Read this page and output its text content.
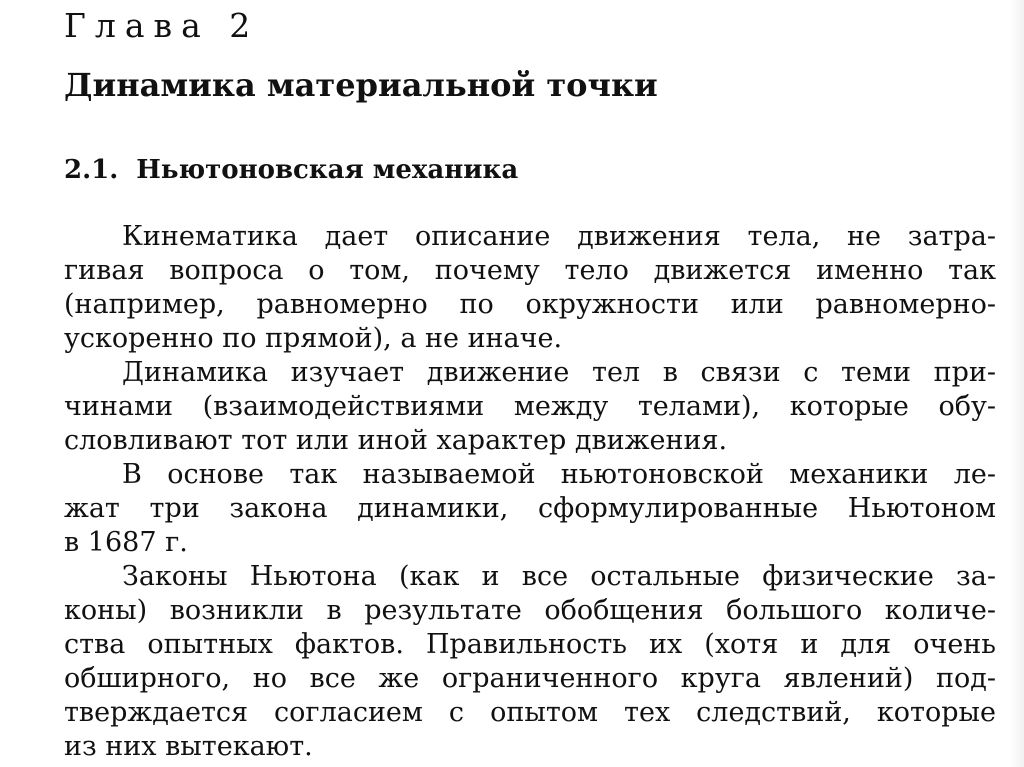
Глава 2
Динамика материальной точки
2.1. Ньютоновская механика
Кинематика дает описание движения тела, не затра-
гивая вопроса о том, почему тело движется именно так
(например, равномерно по окружности или равномерно-
ускоренно по прямой), а не иначе.
Динамика изучает движение тел в связи с теми при-
чинами (взаимодействиями между телами), которые обу-
словливают тот или иной характер движения.
В основе так называемой ньютоновской механики ле-
жат три закона динамики, сформулированные Ньютоном
в 1687 г.
Законы Ньютона (как и все остальные физические за-
коны) возникли в результате обобщения большого количе-
ства опытных фактов. Правильность их (хотя и для очень
обширного, но все же ограниченного круга явлений) под-
тверждается согласием с опытом тех следствий, которые
из них вытекают.
